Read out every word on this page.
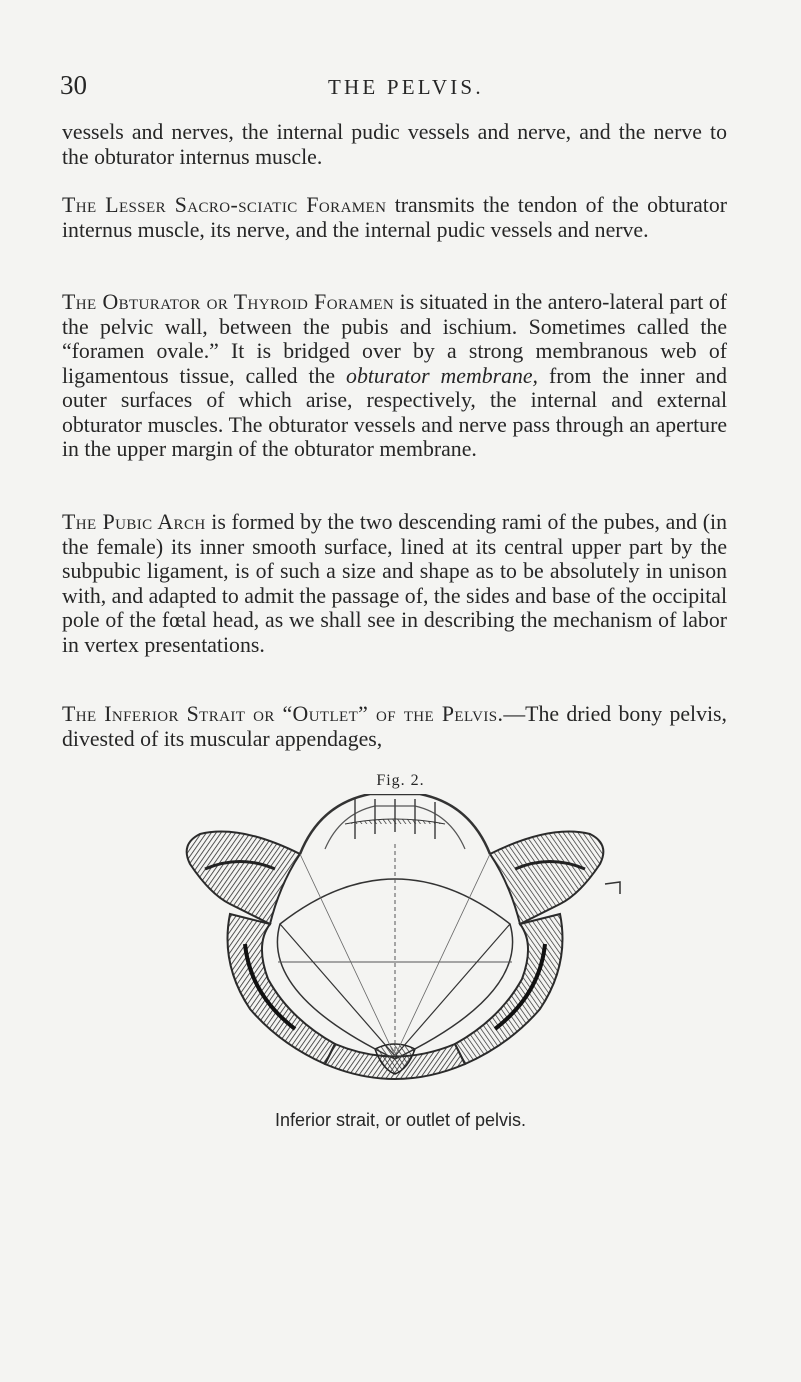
30	THE PELVIS.

vessels and nerves, the internal pudic vessels and nerve, and the nerve to the obturator internus muscle.

The Lesser Sacro-sciatic Foramen transmits the tendon of the obturator internus muscle, its nerve, and the internal pudic vessels and nerve.

The Obturator or Thyroid Foramen is situated in the antero-lateral part of the pelvic wall, between the pubis and ischium. Sometimes called the “foramen ovale.” It is bridged over by a strong membranous web of ligamentous tissue, called the obturator membrane, from the inner and outer surfaces of which arise, respectively, the internal and external obturator muscles. The obturator vessels and nerve pass through an aperture in the upper margin of the obturator membrane.

The Pubic Arch is formed by the two descending rami of the pubes, and (in the female) its inner smooth surface, lined at its central upper part by the subpubic ligament, is of such a size and shape as to be absolutely in unison with, and adapted to admit the passage of, the sides and base of the occipital pole of the fœtal head, as we shall see in describing the mechanism of labor in vertex presentations.

The Inferior Strait or “Outlet” of the Pelvis.—The dried bony pelvis, divested of its muscular appendages,

Fig. 2.

Inferior strait, or outlet of pelvis.
